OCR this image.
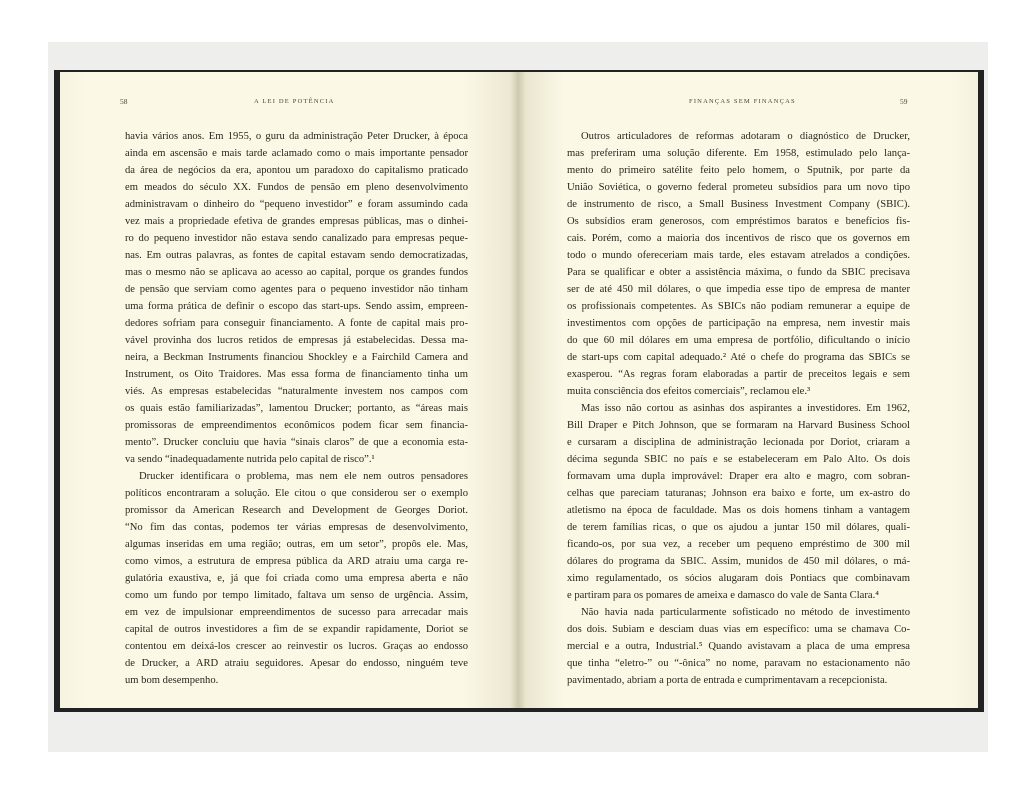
58	A LEI DE POTÊNCIA	FINANÇAS SEM FINANÇAS	59
havia vários anos. Em 1955, o guru da administração Peter Drucker, à época
ainda em ascensão e mais tarde aclamado como o mais importante pensador
da área de negócios da era, apontou um paradoxo do capitalismo praticado
em meados do século XX. Fundos de pensão em pleno desenvolvimento
administravam o dinheiro do “pequeno investidor” e foram assumindo cada
vez mais a propriedade efetiva de grandes empresas públicas, mas o dinhei-
ro do pequeno investidor não estava sendo canalizado para empresas peque-
nas. Em outras palavras, as fontes de capital estavam sendo democratizadas,
mas o mesmo não se aplicava ao acesso ao capital, porque os grandes fundos
de pensão que serviam como agentes para o pequeno investidor não tinham
uma forma prática de definir o escopo das start-ups. Sendo assim, empreen-
dedores sofriam para conseguir financiamento. A fonte de capital mais pro-
vável provinha dos lucros retidos de empresas já estabelecidas. Dessa ma-
neira, a Beckman Instruments financiou Shockley e a Fairchild Camera and
Instrument, os Oito Traidores. Mas essa forma de financiamento tinha um
viés. As empresas estabelecidas “naturalmente investem nos campos com
os quais estão familiarizadas”, lamentou Drucker; portanto, as “áreas mais
promissoras de empreendimentos econômicos podem ficar sem financia-
mento”. Drucker concluiu que havia “sinais claros” de que a economia esta-
va sendo “inadequadamente nutrida pelo capital de risco”.¹
Drucker identificara o problema, mas nem ele nem outros pensadores
políticos encontraram a solução. Ele citou o que considerou ser o exemplo
promissor da American Research and Development de Georges Doriot.
“No fim das contas, podemos ter várias empresas de desenvolvimento,
algumas inseridas em uma região; outras, em um setor”, propôs ele. Mas,
como vimos, a estrutura de empresa pública da ARD atraiu uma carga re-
gulatória exaustiva, e, já que foi criada como uma empresa aberta e não
como um fundo por tempo limitado, faltava um senso de urgência. Assim,
em vez de impulsionar empreendimentos de sucesso para arrecadar mais
capital de outros investidores a fim de se expandir rapidamente, Doriot se
contentou em deixá-los crescer ao reinvestir os lucros. Graças ao endosso
de Drucker, a ARD atraiu seguidores. Apesar do endosso, ninguém teve
um bom desempenho.
Outros articuladores de reformas adotaram o diagnóstico de Drucker,
mas preferiram uma solução diferente. Em 1958, estimulado pelo lança-
mento do primeiro satélite feito pelo homem, o Sputnik, por parte da
União Soviética, o governo federal prometeu subsídios para um novo tipo
de instrumento de risco, a Small Business Investment Company (SBIC).
Os subsídios eram generosos, com empréstimos baratos e benefícios fis-
cais. Porém, como a maioria dos incentivos de risco que os governos em
todo o mundo ofereceriam mais tarde, eles estavam atrelados a condições.
Para se qualificar e obter a assistência máxima, o fundo da SBIC precisava
ser de até 450 mil dólares, o que impedia esse tipo de empresa de manter
os profissionais competentes. As SBICs não podiam remunerar a equipe de
investimentos com opções de participação na empresa, nem investir mais
do que 60 mil dólares em uma empresa de portfólio, dificultando o início
de start-ups com capital adequado.² Até o chefe do programa das SBICs se
exasperou. “As regras foram elaboradas a partir de preceitos legais e sem
muita consciência dos efeitos comerciais”, reclamou ele.³
Mas isso não cortou as asinhas dos aspirantes a investidores. Em 1962,
Bill Draper e Pitch Johnson, que se formaram na Harvard Business School
e cursaram a disciplina de administração lecionada por Doriot, criaram a
décima segunda SBIC no país e se estabeleceram em Palo Alto. Os dois
formavam uma dupla improvável: Draper era alto e magro, com sobran-
celhas que pareciam taturanas; Johnson era baixo e forte, um ex-astro do
atletismo na época de faculdade. Mas os dois homens tinham a vantagem
de terem famílias ricas, o que os ajudou a juntar 150 mil dólares, quali-
ficando-os, por sua vez, a receber um pequeno empréstimo de 300 mil
dólares do programa da SBIC. Assim, munidos de 450 mil dólares, o má-
ximo regulamentado, os sócios alugaram dois Pontiacs que combinavam
e partiram para os pomares de ameixa e damasco do vale de Santa Clara.⁴
Não havia nada particularmente sofisticado no método de investimento
dos dois. Subiam e desciam duas vias em específico: uma se chamava Co-
mercial e a outra, Industrial.⁵ Quando avistavam a placa de uma empresa
que tinha “eletro-” ou “-ônica” no nome, paravam no estacionamento não
pavimentado, abriam a porta de entrada e cumprimentavam a recepcionista.
